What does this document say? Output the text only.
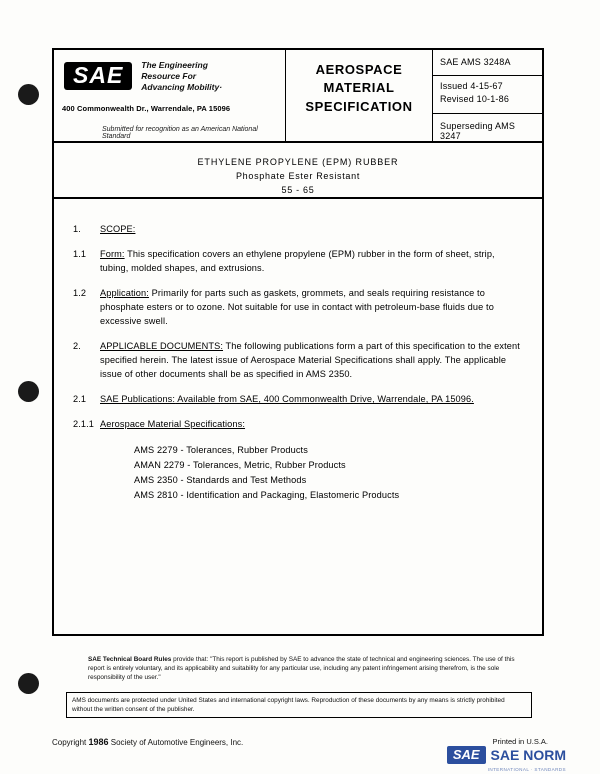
SAE	The Engineering
Resource For
Advancing Mobility·
400 Commonwealth Dr., Warrendale, PA 15096
Submitted for recognition as an American National Standard
AEROSPACE
MATERIAL
SPECIFICATION
SAE AMS 3248A
Issued 4-15-67
Revised 10-1-86
Superseding AMS 3247
ETHYLENE PROPYLENE (EPM) RUBBER
Phosphate Ester Resistant
55 - 65
1.	SCOPE:
1.1	Form: This specification covers an ethylene propylene (EPM) rubber in the form of sheet, strip, tubing, molded shapes, and extrusions.
1.2	Application: Primarily for parts such as gaskets, grommets, and seals requiring resistance to phosphate esters or to ozone. Not suitable for use in contact with petroleum-base fluids due to excessive swell.
2.	APPLICABLE DOCUMENTS: The following publications form a part of this specification to the extent specified herein. The latest issue of Aerospace Material Specifications shall apply. The applicable issue of other documents shall be as specified in AMS 2350.
2.1	SAE Publications: Available from SAE, 400 Commonwealth Drive, Warrendale, PA 15096.
2.1.1 Aerospace Material Specifications:
AMS 2279 - Tolerances, Rubber Products
AMAN 2279 - Tolerances, Metric, Rubber Products
AMS 2350 - Standards and Test Methods
AMS 2810 - Identification and Packaging, Elastomeric Products
SAE Technical Board Rules provide that: "This report is published by SAE to advance the state of technical and engineering sciences. The use of this report is entirely voluntary, and its applicability and suitability for any particular use, including any patent infringement arising therefrom, is the sole responsibility of the user."
AMS documents are protected under United States and international copyright laws. Reproduction of these documents by any means is strictly prohibited without the written consent of the publisher.
Copyright 1986 Society of Automotive Engineers, Inc.	Printed in U.S.A.
SAE SAE NORM
INTERNATIONAL · STANDARDS
